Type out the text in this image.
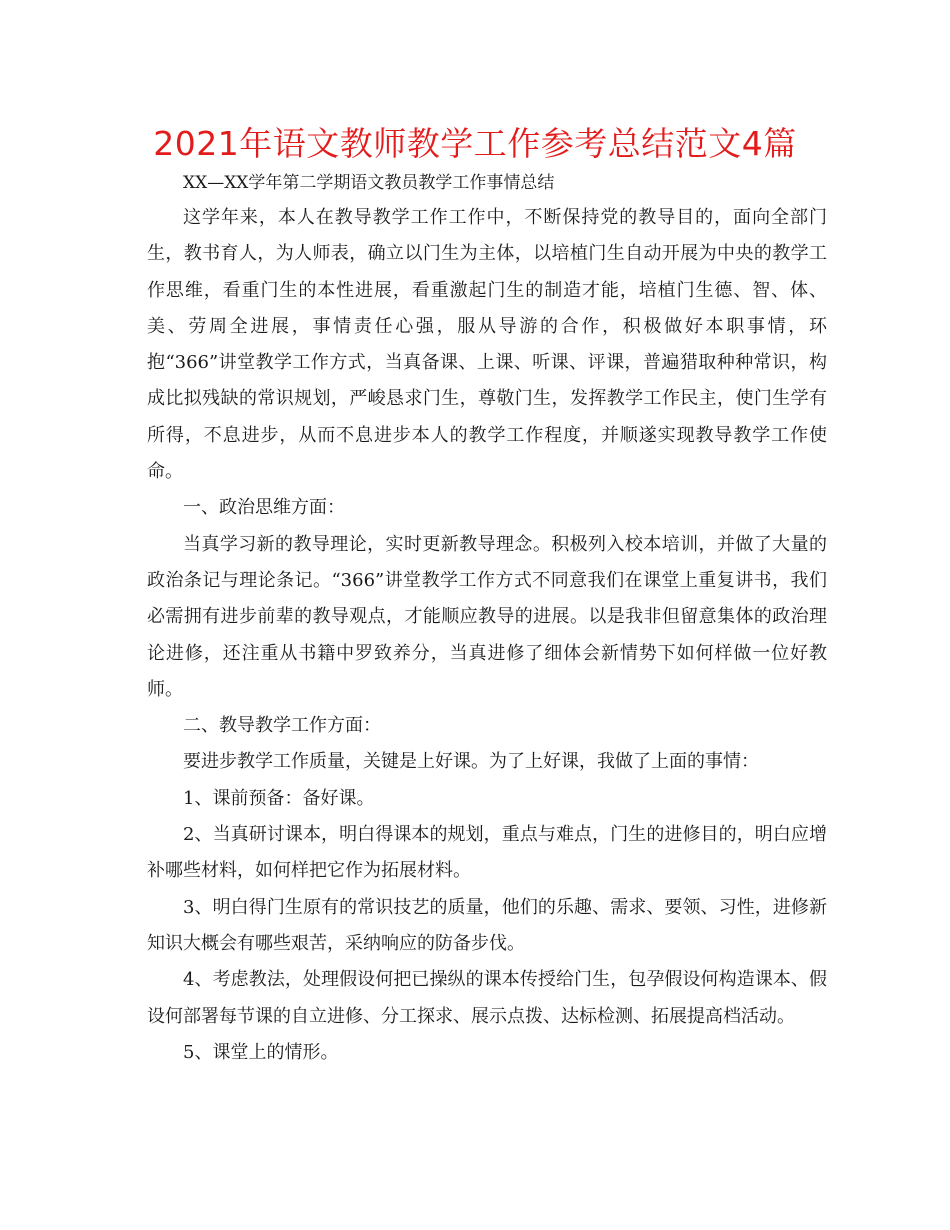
2021年语文教师教学工作参考总结范文4篇

XX—XX学年第二学期语文教员教学工作事情总结

这学年来，本人在教导教学工作工作中，不断保持党的教导目的，面向全部门生，教书育人，为人师表，确立以门生为主体，以培植门生自动开展为中央的教学工作思维，看重门生的本性进展，看重激起门生的制造才能，培植门生德、智、体、美、劳周全进展，事情责任心强，服从导游的合作，积极做好本职事情，环抱“366”讲堂教学工作方式，当真备课、上课、听课、评课，普遍猎取种种常识，构成比拟残缺的常识规划，严峻恳求门生，尊敬门生，发挥教学工作民主，使门生学有所得，不息进步，从而不息进步本人的教学工作程度，并顺遂实现教导教学工作使命。

一、政治思维方面：

当真学习新的教导理论，实时更新教导理念。积极列入校本培训，并做了大量的政治条记与理论条记。“366”讲堂教学工作方式不同意我们在课堂上重复讲书，我们必需拥有进步前辈的教导观点，才能顺应教导的进展。以是我非但留意集体的政治理论进修，还注重从书籍中罗致养分，当真进修了细体会新情势下如何样做一位好教师。

二、教导教学工作方面：

要进步教学工作质量，关键是上好课。为了上好课，我做了上面的事情：

1、课前预备：备好课。

2、当真研讨课本，明白得课本的规划，重点与难点，门生的进修目的，明白应增补哪些材料，如何样把它作为拓展材料。

3、明白得门生原有的常识技艺的质量，他们的乐趣、需求、要领、习性，进修新知识大概会有哪些艰苦，采纳响应的防备步伐。

4、考虑教法，处理假设何把已操纵的课本传授给门生，包孕假设何构造课本、假设何部署每节课的自立进修、分工探求、展示点拨、达标检测、拓展提高档活动。

5、课堂上的情形。
